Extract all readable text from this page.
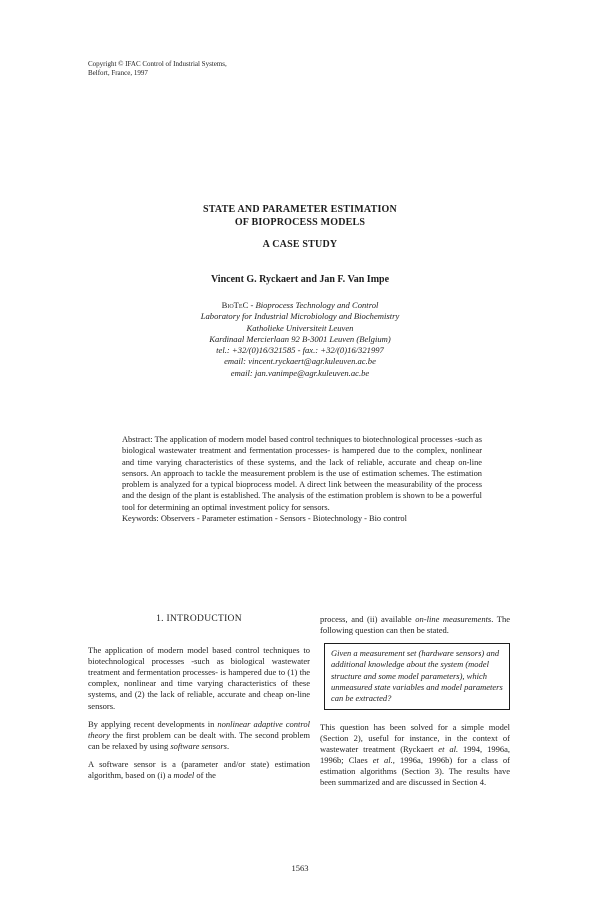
Copyright © IFAC Control of Industrial Systems,
Belfort, France, 1997
STATE AND PARAMETER ESTIMATION
OF BIOPROCESS MODELS
A CASE STUDY
Vincent G. Ryckaert and Jan F. Van Impe
BioTeC - Bioprocess Technology and Control
Laboratory for Industrial Microbiology and Biochemistry
Katholieke Universiteit Leuven
Kardinaal Mercierlaan 92 B-3001 Leuven (Belgium)
tel.: +32/(0)16/321585 - fax.: +32/(0)16/321997
email: vincent.ryckaert@agr.kuleuven.ac.be
email: jan.vanimpe@agr.kuleuven.ac.be

Abstract: The application of modern model based control techniques to biotechnological processes -such as biological wastewater treatment and fermentation processes- is hampered due to the complex, nonlinear and time varying characteristics of these systems, and the lack of reliable, accurate and cheap on-line sensors. An approach to tackle the measurement problem is the use of estimation schemes. The estimation problem is analyzed for a typical bioprocess model. A direct link between the measurability of the process and the design of the plant is established. The analysis of the estimation problem is shown to be a powerful tool for determining an optimal investment policy for sensors.

Keywords: Observers - Parameter estimation - Sensors - Biotechnology - Bio control

1. INTRODUCTION

The application of modern model based control techniques to biotechnological processes -such as biological wastewater treatment and fermentation processes- is hampered due to (1) the complex, nonlinear and time varying characteristics of these systems, and (2) the lack of reliable, accurate and cheap on-line sensors.

By applying recent developments in nonlinear adaptive control theory the first problem can be dealt with. The second problem can be relaxed by using software sensors.

A software sensor is a (parameter and/or state) estimation algorithm, based on (i) a model of the

process, and (ii) available on-line measurements. The following question can then be stated.

Given a measurement set (hardware sensors) and additional knowledge about the system (model structure and some model parameters), which unmeasured state variables and model parameters can be extracted?

This question has been solved for a simple model (Section 2), useful for instance, in the context of wastewater treatment (Ryckaert et al. 1994, 1996a, 1996b; Claes et al., 1996a, 1996b) for a class of estimation algorithms (Section 3). The results have been summarized and are discussed in Section 4.

1563
